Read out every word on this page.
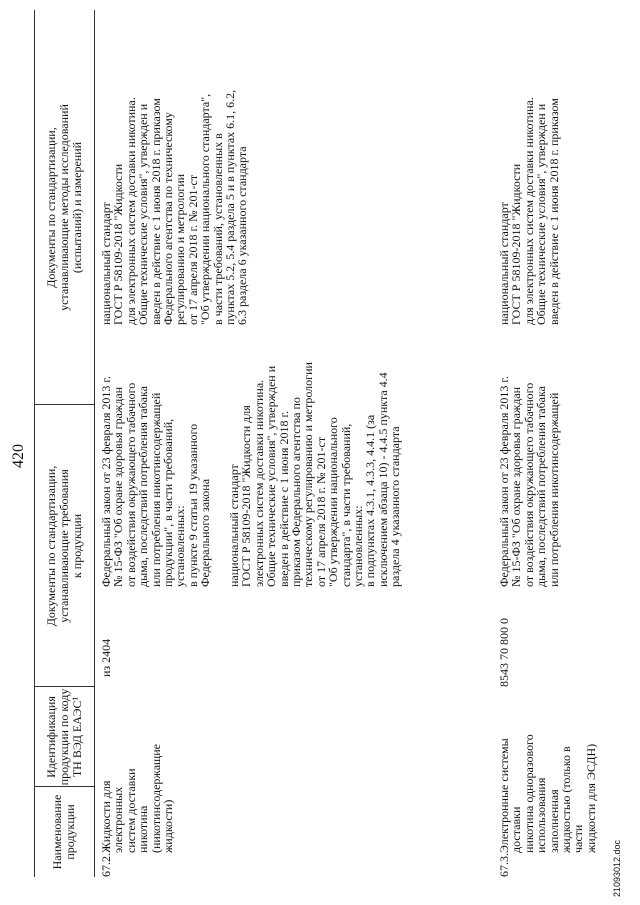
420
Наименование продукции
Идентификация
продукции по коду
ТН ВЭД ЕАЭС¹
Документы по стандартизации,
устанавливающие требования
к продукции
Документы по стандартизации,
устанавливающие методы исследований
(испытаний) и измерений
67.2.
Жидкости для электронных
систем доставки никотина
(никотинсодержащие
жидкости)
из 2404
Федеральный закон от 23 февраля 2013 г.
№ 15-ФЗ "Об охране здоровья граждан
от воздействия окружающего табачного
дыма, последствий потребления табака
или потребления никотинсодержащей
продукции", в части требований,
установленных:
в пункте 9 статьи 19 указанного
Федерального закона
национальный стандарт
ГОСТ Р 58109-2018 "Жидкости для
электронных систем доставки никотина.
Общие технические условия", утвержден и
введен в действие с 1 июня 2018 г.
приказом Федерального агентства по
техническому регулированию и метрологии
от 17 апреля 2018 г. № 201-ст
"Об утверждении национального
стандарта", в части требований,
установленных:
в подпунктах 4.3.1, 4.3.3, 4.4.1 (за
исключением абзаца 10) - 4.4.5 пункта 4.4
раздела 4 указанного стандарта
национальный стандарт
ГОСТ Р 58109-2018 "Жидкости
для электронных систем доставки никотина.
Общие технические условия", утвержден и
введен в действие с 1 июня 2018 г. приказом
Федерального агентства по техническому
регулированию и метрологии
от 17 апреля 2018 г. № 201-ст
"Об утверждении национального стандарта",
в части требований, установленных в
пунктах 5.2, 5.4 раздела 5 и в пунктах 6.1, 6.2,
6.3 раздела 6 указанного стандарта
67.3.
Электронные системы доставки
никотина одноразового
использования заполненная
жидкостью (только в части
жидкости для ЭСДН)
8543 70 800 0
Федеральный закон от 23 февраля 2013 г.
№ 15-ФЗ "Об охране здоровья граждан
от воздействия окружающего табачного
дыма, последствий потребления табака
или потребления никотинсодержащей
национальный стандарт
ГОСТ Р 58109-2018 "Жидкости
для электронных систем доставки никотина.
Общие технические условия", утвержден и
введен в действие с 1 июня 2018 г. приказом
21093012.doc
